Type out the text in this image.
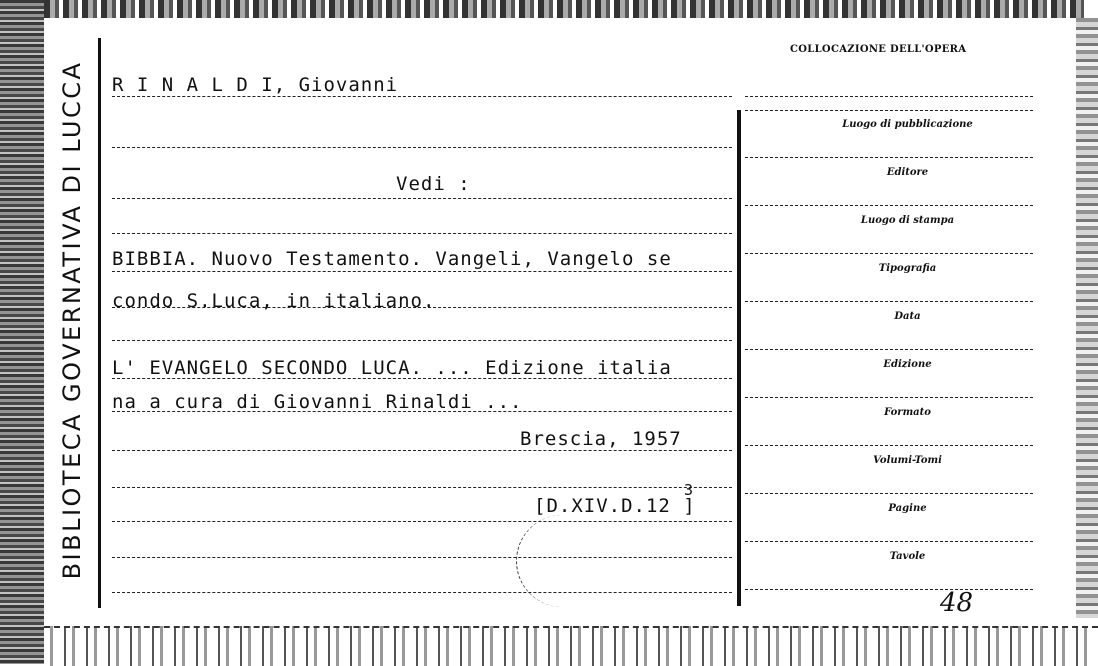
BIBLIOTECA GOVERNATIVA DI LUCCA
COLLOCAZIONE DELL'OPERA
R I N A L D I, Giovanni
Vedi :
BIBBIA. Nuovo Testamento. Vangeli, Vangelo se
condo S.Luca, in italiano.
L' EVANGELO SECONDO LUCA. ... Edizione italia
na a cura di Giovanni Rinaldi ...
Brescia, 1957
[D.XIV.D.12 ]
3
Luogo di pubblicazione
Editore
Luogo di stampa
Tipografia
Data
Edizione
Formato
Volumi-Tomi
Pagine
Tavole
48
